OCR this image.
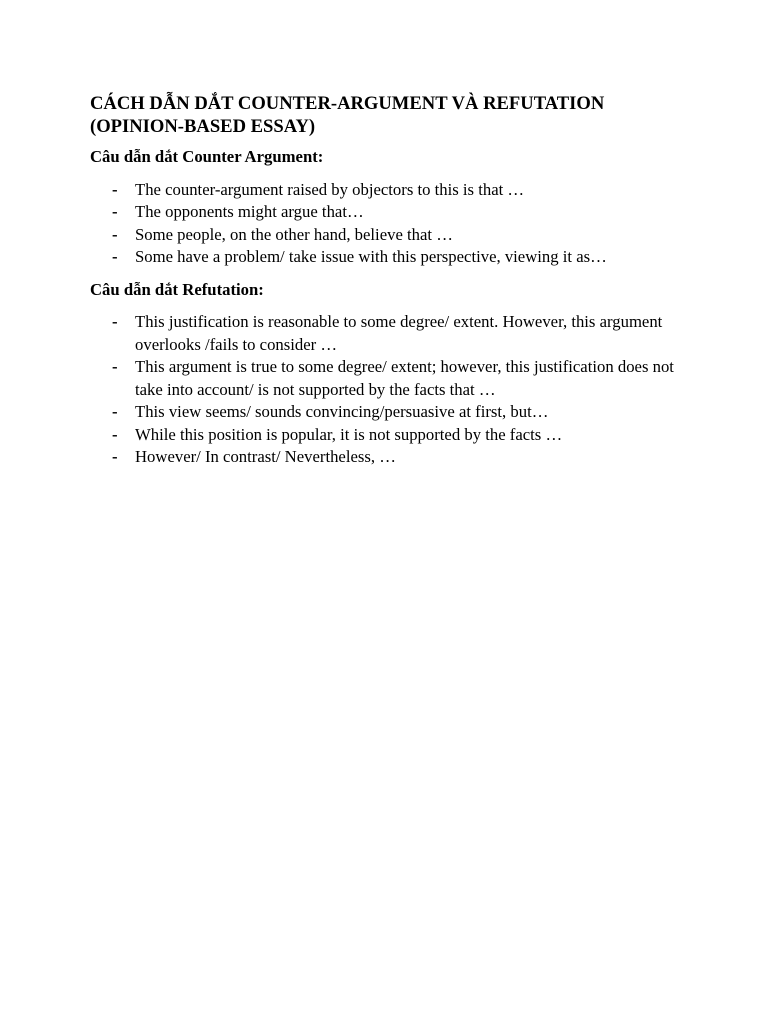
CÁCH DẪN DẮT COUNTER-ARGUMENT VÀ REFUTATION
(OPINION-BASED ESSAY)
Câu dẫn dắt Counter Argument:
- The counter-argument raised by objectors to this is that …
- The opponents might argue that…
- Some people, on the other hand, believe that …
- Some have a problem/ take issue with this perspective, viewing it as…
Câu dẫn dắt Refutation:
- This justification is reasonable to some degree/ extent. However, this argument overlooks /fails to consider …
- This argument is true to some degree/ extent; however, this justification does not take into account/ is not supported by the facts that …
- This view seems/ sounds convincing/persuasive at first, but…
- While this position is popular, it is not supported by the facts …
- However/ In contrast/ Nevertheless, …
